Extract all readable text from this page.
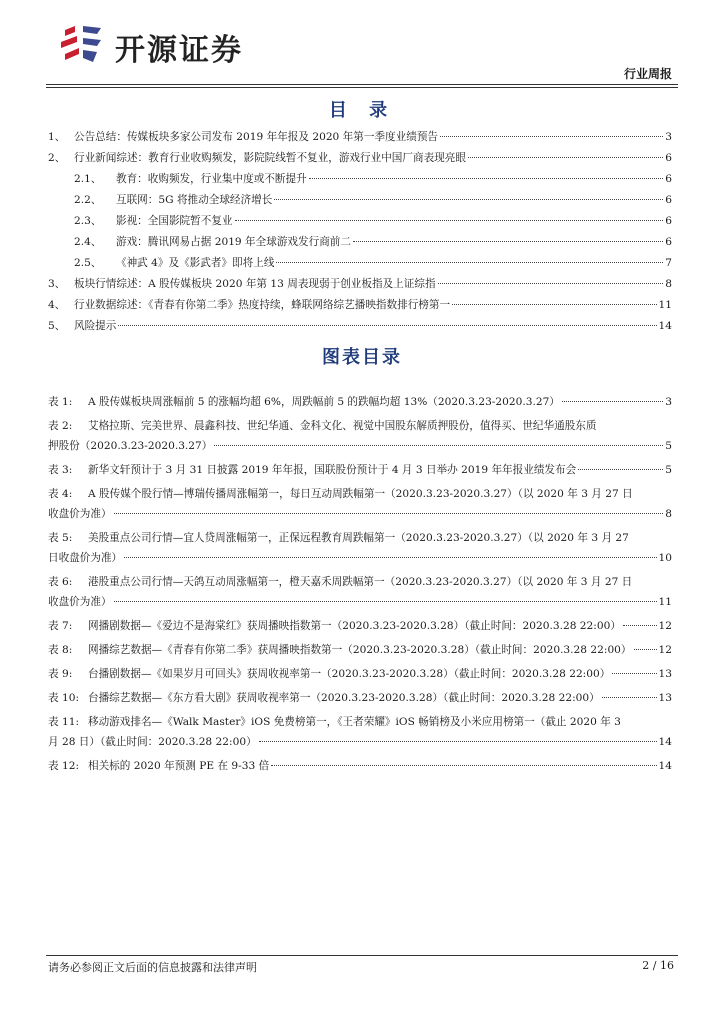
开源证券
行业周报
目 录
1、 公告总结：传媒板块多家公司发布 2019 年年报及 2020 年第一季度业绩预告	3
2、 行业新闻综述：教育行业收购频发，影院院线暂不复业，游戏行业中国厂商表现亮眼	6
2.1、	教育：收购频发，行业集中度或不断提升	6
2.2、	互联网：5G 将推动全球经济增长	6
2.3、	影视：全国影院暂不复业	6
2.4、	游戏：腾讯网易占据 2019 年全球游戏发行商前二	6
2.5、	《神武 4》及《影武者》即将上线	7
3、 板块行情综述：A 股传媒板块 2020 年第 13 周表现弱于创业板指及上证综指	8
4、 行业数据综述：《青春有你第二季》热度持续，蜂联网络综艺播映指数排行榜第一	11
5、 风险提示	14
图表目录
表 1:	A 股传媒板块周涨幅前 5 的涨幅均超 6%，周跌幅前 5 的跌幅均超 13%（2020.3.23-2020.3.27）	3
表 2: 艾格拉斯、完美世界、晨鑫科技、世纪华通、金科文化、视觉中国股东解质押股份，值得买、世纪华通股东质
押股份（2020.3.23-2020.3.27）	5
表 3:	新华文轩预计于 3 月 31 日披露 2019 年年报，国联股份预计于 4 月 3 日举办 2019 年年报业绩发布会	5
表 4: A 股传媒个股行情—博瑞传播周涨幅第一，每日互动周跌幅第一（2020.3.23-2020.3.27）（以 2020 年 3 月 27 日
收盘价为准）	8
表 5: 美股重点公司行情—宜人贷周涨幅第一，正保远程教育周跌幅第一（2020.3.23-2020.3.27）（以 2020 年 3 月 27
日收盘价为准）	10
表 6: 港股重点公司行情—天鸽互动周涨幅第一，橙天嘉禾周跌幅第一（2020.3.23-2020.3.27）（以 2020 年 3 月 27 日
收盘价为准）	11
表 7:	网播剧数据—《爱边不是海棠红》获周播映指数第一（2020.3.23-2020.3.28）（截止时间：2020.3.28 22:00）	12
表 8:	网播综艺数据—《青春有你第二季》获周播映指数第一（2020.3.23-2020.3.28）（截止时间：2020.3.28 22:00）	12
表 9:	台播剧数据—《如果岁月可回头》获周收视率第一（2020.3.23-2020.3.28）（截止时间：2020.3.28 22:00）	13
表 10: 台播综艺数据—《东方看大剧》获周收视率第一（2020.3.23-2020.3.28）（截止时间：2020.3.28 22:00）	13
表 11: 移动游戏排名—《Walk Master》iOS 免费榜第一，《王者荣耀》iOS 畅销榜及小米应用榜第一（截止 2020 年 3
月 28 日）（截止时间：2020.3.28 22:00）	14
表 12: 相关标的 2020 年预测 PE 在 9-33 倍	14
请务必参阅正文后面的信息披露和法律声明	2 / 16
